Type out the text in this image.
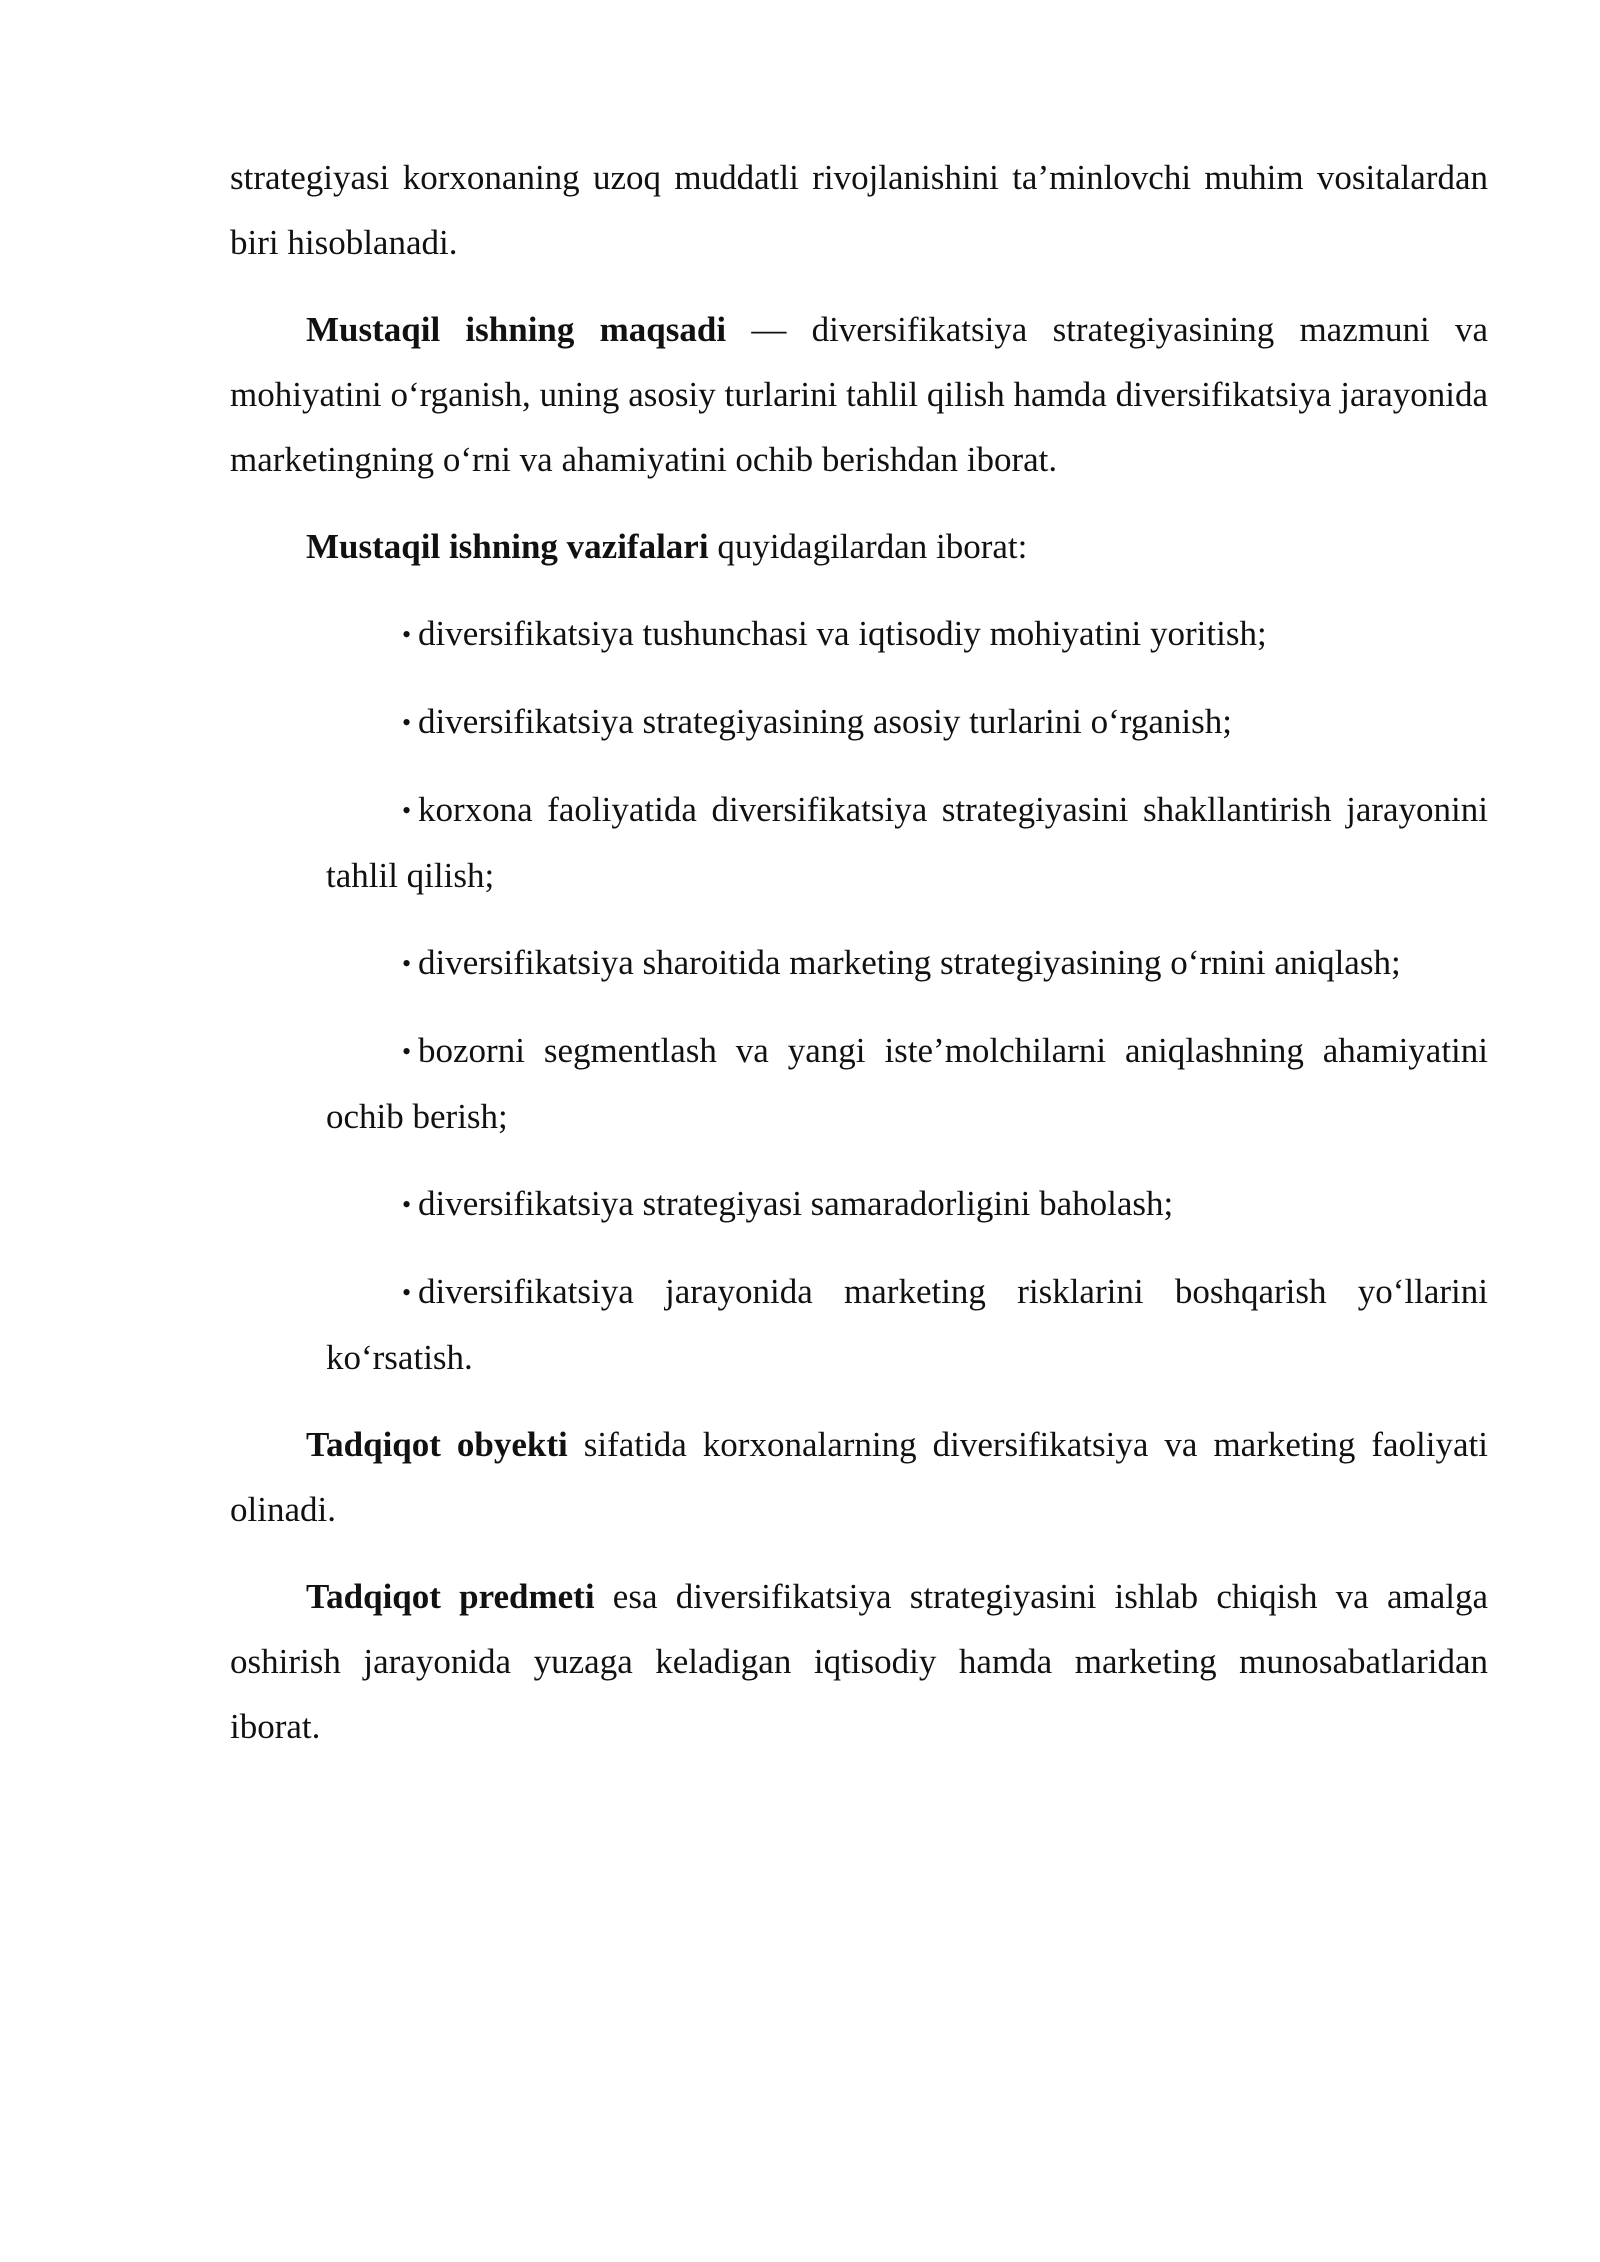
strategiyasi korxonaning uzoq muddatli rivojlanishini ta’minlovchi muhim vositalardan biri hisoblanadi.

Mustaqil ishning maqsadi — diversifikatsiya strategiyasining mazmuni va mohiyatini o‘rganish, uning asosiy turlarini tahlil qilish hamda diversifikatsiya jarayonida marketingning o‘rni va ahamiyatini ochib berishdan iborat.

Mustaqil ishning vazifalari quyidagilardan iborat:

• diversifikatsiya tushunchasi va iqtisodiy mohiyatini yoritish;
• diversifikatsiya strategiyasining asosiy turlarini o‘rganish;
• korxona faoliyatida diversifikatsiya strategiyasini shakllantirish jarayonini tahlil qilish;
• diversifikatsiya sharoitida marketing strategiyasining o‘rnini aniqlash;
• bozorni segmentlash va yangi iste’molchilarni aniqlashning ahamiyatini ochib berish;
• diversifikatsiya strategiyasi samaradorligini baholash;
• diversifikatsiya jarayonida marketing risklarini boshqarish yo‘llarini ko‘rsatish.

Tadqiqot obyekti sifatida korxonalarning diversifikatsiya va marketing faoliyati olinadi.

Tadqiqot predmeti esa diversifikatsiya strategiyasini ishlab chiqish va amalga oshirish jarayonida yuzaga keladigan iqtisodiy hamda marketing munosabatlaridan iborat.
